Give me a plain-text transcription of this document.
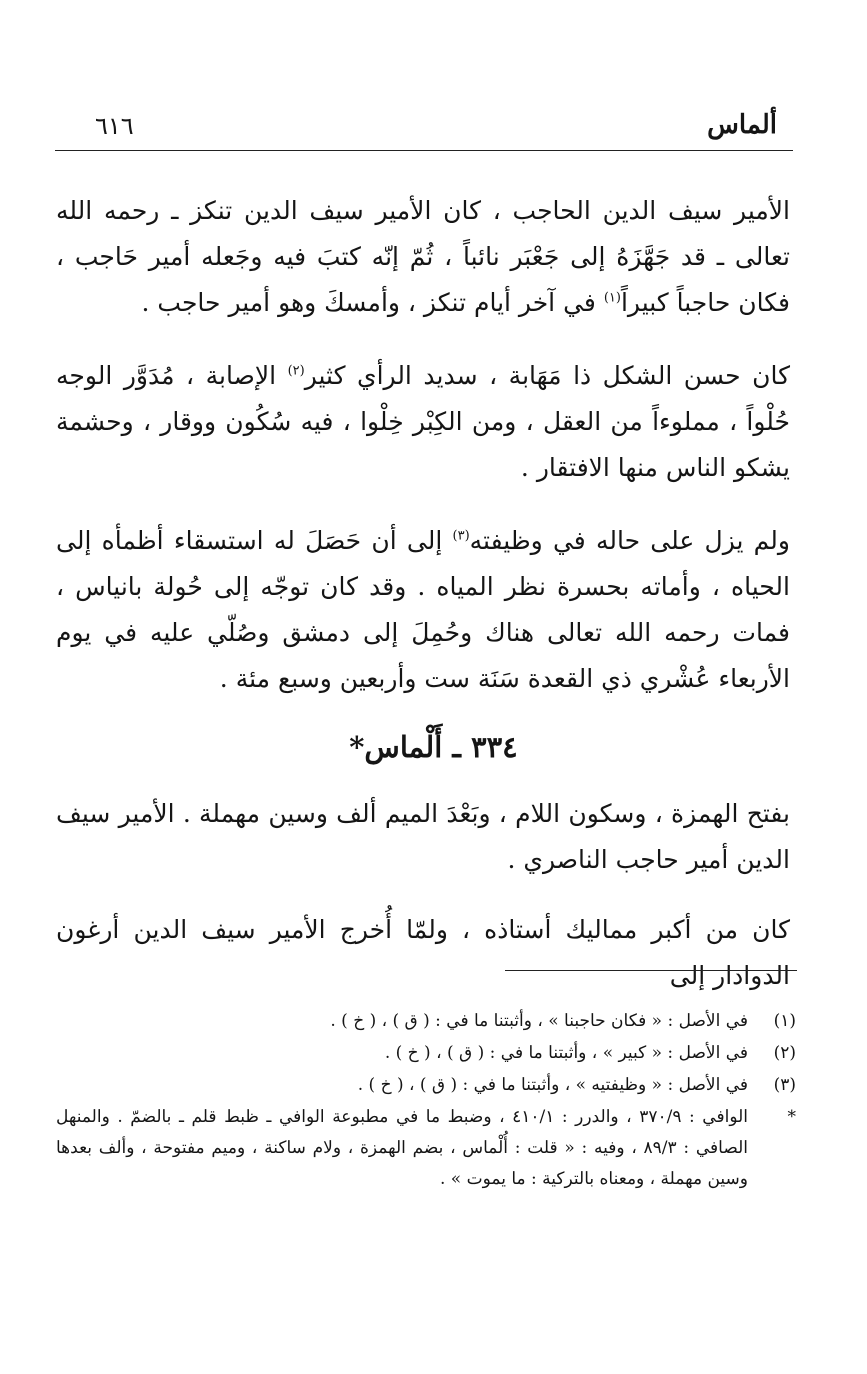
ألماس
٦١٦

الأمير سيف الدين الحاجب ، كان الأمير سيف الدين تنكز ـ رحمه الله تعالى ـ قد جَهَّزَهُ إلى جَعْبَر نائباً ، ثُمّ إنّه كتبَ فيه وجَعله أمير حَاجب ، فكان حاجباً كبيراً$^{(١)}$ في آخر أيام تنكز ، وأمسكَ وهو أمير حاجب .

كان حسن الشكل ذا مَهَابة ، سديد الرأي كثير$^{(٢)}$ الإصابة ، مُدَوَّر الوجه حُلْواً ، مملوءاً من العقل ، ومن الكِبْر خِلْوا ، فيه سُكُون ووقار ، وحشمة يشكو الناس منها الافتقار .

ولم يزل على حاله في وظيفته$^{(٣)}$ إلى أن حَصَلَ له استسقاء أظمأه إلى الحياه ، وأماته بحسرة نظر المياه . وقد كان توجّه إلى حُولة بانياس ، فمات رحمه الله تعالى هناك وحُمِلَ إلى دمشق وصُلّي عليه في يوم الأربعاء عُشْري ذي القعدة سَنَة ست وأربعين وسبع مئة .

٣٣٤ ـ أَلْماس*

بفتح الهمزة ، وسكون اللام ، وبَعْدَ الميم ألف وسين مهملة . الأمير سيف الدين أمير حاجب الناصري .

كان من أكبر مماليك أستاذه ، ولمّا أُخرج الأمير سيف الدين أرغون الدوادار إلى

(١)
في الأصل : « فكان حاجبنا » ، وأثبتنا ما في : ( ق ) ، ( خ ) .
(٢)
في الأصل : « كبير » ، وأثبتنا ما في : ( ق ) ، ( خ ) .
(٣)
في الأصل : « وظيفتيه » ، وأثبتنا ما في : ( ق ) ، ( خ ) .
*
الوافي : ٣٧٠/٩ ، والدرر : ٤١٠/١ ، وضبط ما في مطبوعة الوافي ـ ظبط قلم ـ بالضمّ . والمنهل الصافي : ٨٩/٣ ، وفيه : « قلت : أُلْماس ، بضم الهمزة ، ولام ساكنة ، وميم مفتوحة ، وألف بعدها وسين مهملة ، ومعناه بالتركية : ما يموت » .
